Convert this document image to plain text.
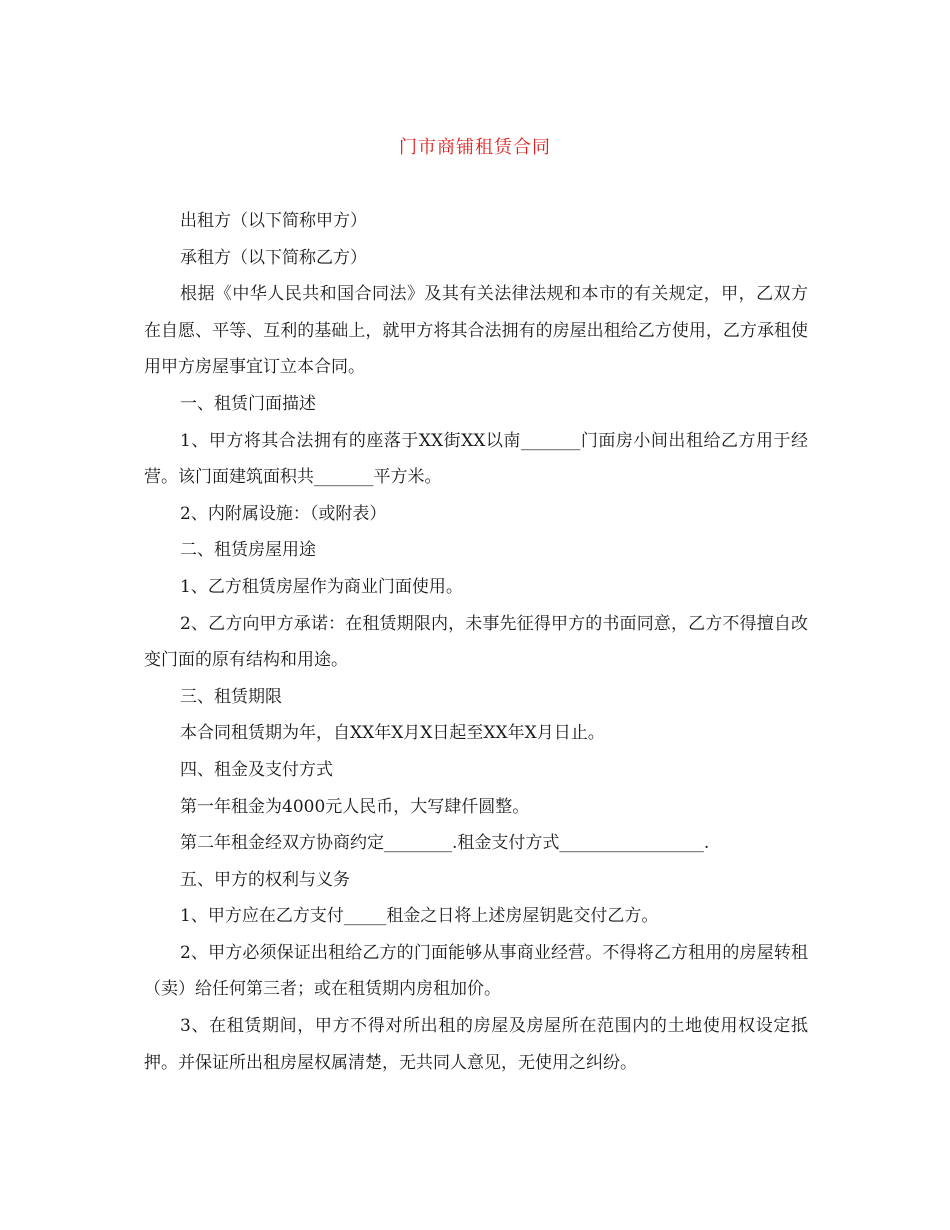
门市商铺租赁合同

出租方（以下简称甲方）

承租方（以下简称乙方）

根据《中华人民共和国合同法》及其有关法律法规和本市的有关规定，甲，乙双方在自愿、平等、互利的基础上，就甲方将其合法拥有的房屋出租给乙方使用，乙方承租使用甲方房屋事宜订立本合同。

一、租赁门面描述

1、甲方将其合法拥有的座落于XX街XX以南_______门面房小间出租给乙方用于经营。该门面建筑面积共_______平方米。

2、内附属设施：（或附表）

二、租赁房屋用途

1、乙方租赁房屋作为商业门面使用。

2、乙方向甲方承诺：在租赁期限内，未事先征得甲方的书面同意，乙方不得擅自改变门面的原有结构和用途。

三、租赁期限

本合同租赁期为年，自XX年X月X日起至XX年X月日止。

四、租金及支付方式

第一年租金为4000元人民币，大写肆仟圆整。

第二年租金经双方协商约定________.租金支付方式_________________.

五、甲方的权利与义务

1、甲方应在乙方支付_____租金之日将上述房屋钥匙交付乙方。

2、甲方必须保证出租给乙方的门面能够从事商业经营。不得将乙方租用的房屋转租（卖）给任何第三者；或在租赁期内房租加价。

3、在租赁期间，甲方不得对所出租的房屋及房屋所在范围内的土地使用权设定抵押。并保证所出租房屋权属清楚，无共同人意见，无使用之纠纷。
